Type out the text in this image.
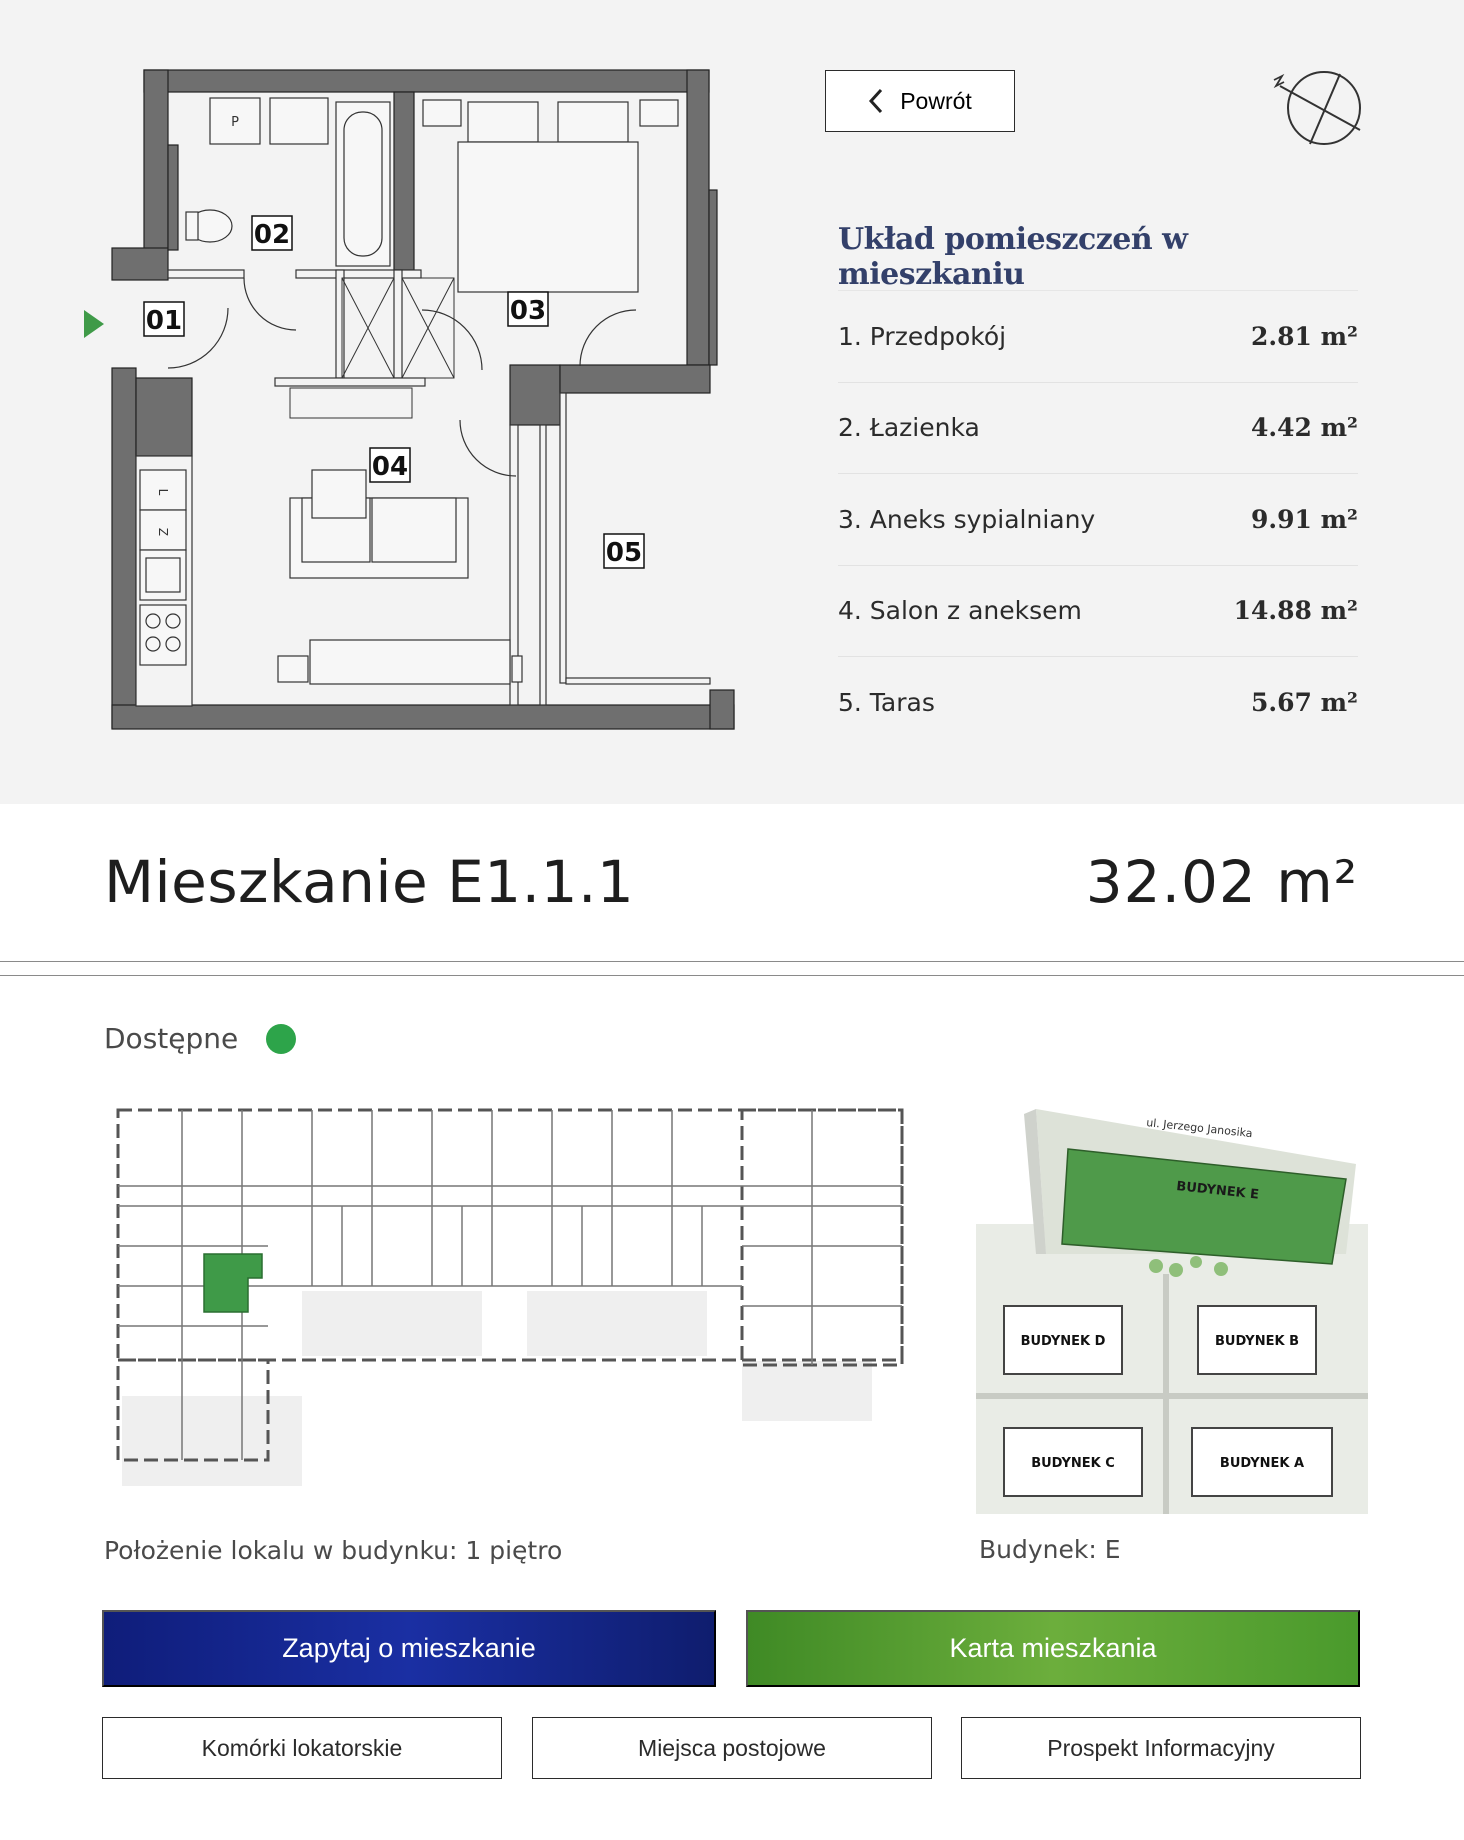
P
L
Z
01
02
03
04
05
Powrót
Układ pomieszczeń w mieszkaniu
1. Przedpokój	2.81 m²
2. Łazienka	4.42 m²
3. Aneks sypialniany	9.91 m²
4. Salon z aneksem	14.88 m²
5. Taras	5.67 m²
Mieszkanie E1.1.1	32.02 m²
Dostępne
ul. Jerzego Janosika
BUDYNEK E
BUDYNEK D	BUDYNEK B
BUDYNEK C	BUDYNEK A
Położenie lokalu w budynku: 1 piętro	Budynek: E
Zapytaj o mieszkanie	Karta mieszkania
Komórki lokatorskie	Miejsca postojowe	Prospekt Informacyjny
